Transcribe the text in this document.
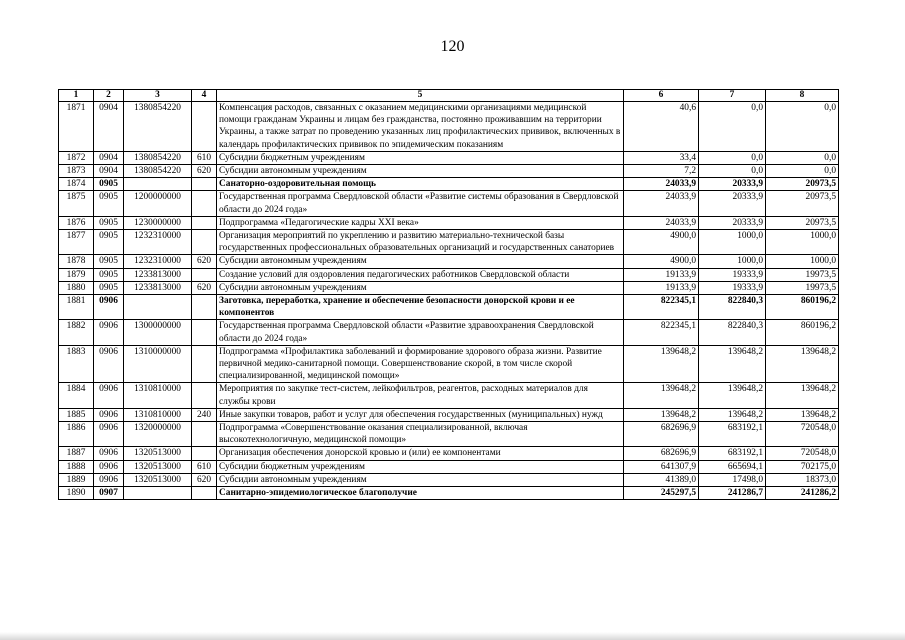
120
1	2	3	4	5	6	7	8
1871	0904	1380854220		Компенсация расходов, связанных с оказанием медицинскими организациями медицинской помощи гражданам Украины и лицам без гражданства, постоянно проживавшим на территории Украины, а также затрат по проведению указанных лиц профилактических прививок, включенных в календарь профилактических прививок по эпидемическим показаниям	40,6	0,0	0,0
1872	0904	1380854220	610	Субсидии бюджетным учреждениям	33,4	0,0	0,0
1873	0904	1380854220	620	Субсидии автономным учреждениям	7,2	0,0	0,0
1874	0905			Санаторно-оздоровительная помощь	24033,9	20333,9	20973,5
1875	0905	1200000000		Государственная программа Свердловской области «Развитие системы образования в Свердловской области до 2024 года»	24033,9	20333,9	20973,5
1876	0905	1230000000		Подпрограмма «Педагогические кадры XXI века»	24033,9	20333,9	20973,5
1877	0905	1232310000		Организация мероприятий по укреплению и развитию материально-технической базы государственных профессиональных образовательных организаций и государственных санаториев	4900,0	1000,0	1000,0
1878	0905	1232310000	620	Субсидии автономным учреждениям	4900,0	1000,0	1000,0
1879	0905	1233813000		Создание условий для оздоровления педагогических работников Свердловской области	19133,9	19333,9	19973,5
1880	0905	1233813000	620	Субсидии автономным учреждениям	19133,9	19333,9	19973,5
1881	0906			Заготовка, переработка, хранение и обеспечение безопасности донорской крови и ее компонентов	822345,1	822840,3	860196,2
1882	0906	1300000000		Государственная программа Свердловской области «Развитие здравоохранения Свердловской области до 2024 года»	822345,1	822840,3	860196,2
1883	0906	1310000000		Подпрограмма «Профилактика заболеваний и формирование здорового образа жизни. Развитие первичной медико-санитарной помощи. Совершенствование скорой, в том числе скорой специализированной, медицинской помощи»	139648,2	139648,2	139648,2
1884	0906	1310810000		Мероприятия по закупке тест-систем, лейкофильтров, реагентов, расходных материалов для службы крови	139648,2	139648,2	139648,2
1885	0906	1310810000	240	Иные закупки товаров, работ и услуг для обеспечения государственных (муниципальных) нужд	139648,2	139648,2	139648,2
1886	0906	1320000000		Подпрограмма «Совершенствование оказания специализированной, включая высокотехнологичную, медицинской помощи»	682696,9	683192,1	720548,0
1887	0906	1320513000		Организация обеспечения донорской кровью и (или) ее компонентами	682696,9	683192,1	720548,0
1888	0906	1320513000	610	Субсидии бюджетным учреждениям	641307,9	665694,1	702175,0
1889	0906	1320513000	620	Субсидии автономным учреждениям	41389,0	17498,0	18373,0
1890	0907			Санитарно-эпидемиологическое благополучие	245297,5	241286,7	241286,2
